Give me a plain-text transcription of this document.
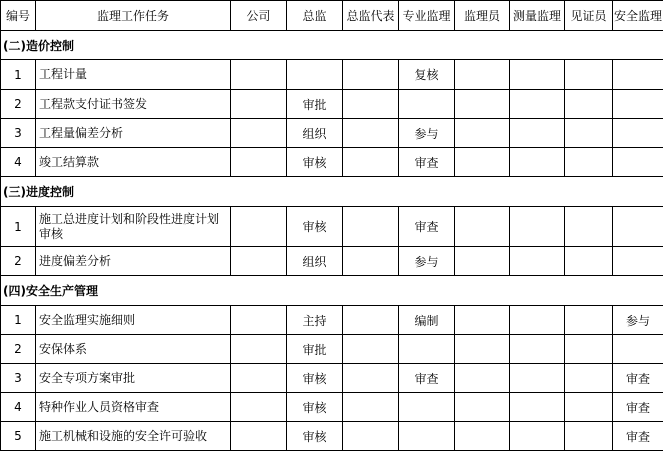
编号	监理工作任务	公司	总监	总监代表	专业监理	监理员	测量监理	见证员	安全监理
(二)造价控制									
1	工程计量				复核				
2	工程款支付证书签发		审批						
3	工程量偏差分析		组织		参与				
4	竣工结算款		审核		审查				
(三)进度控制									
1	施工总进度计划和阶段性进度计划审核		审核		审查				
2	进度偏差分析		组织		参与				
(四)安全生产管理									
1	安全监理实施细则		主持		编制				参与
2	安保体系		审批						
3	安全专项方案审批		审核		审查				审查
4	特种作业人员资格审查		审核						审查
5	施工机械和设施的安全许可验收		审核						审查
